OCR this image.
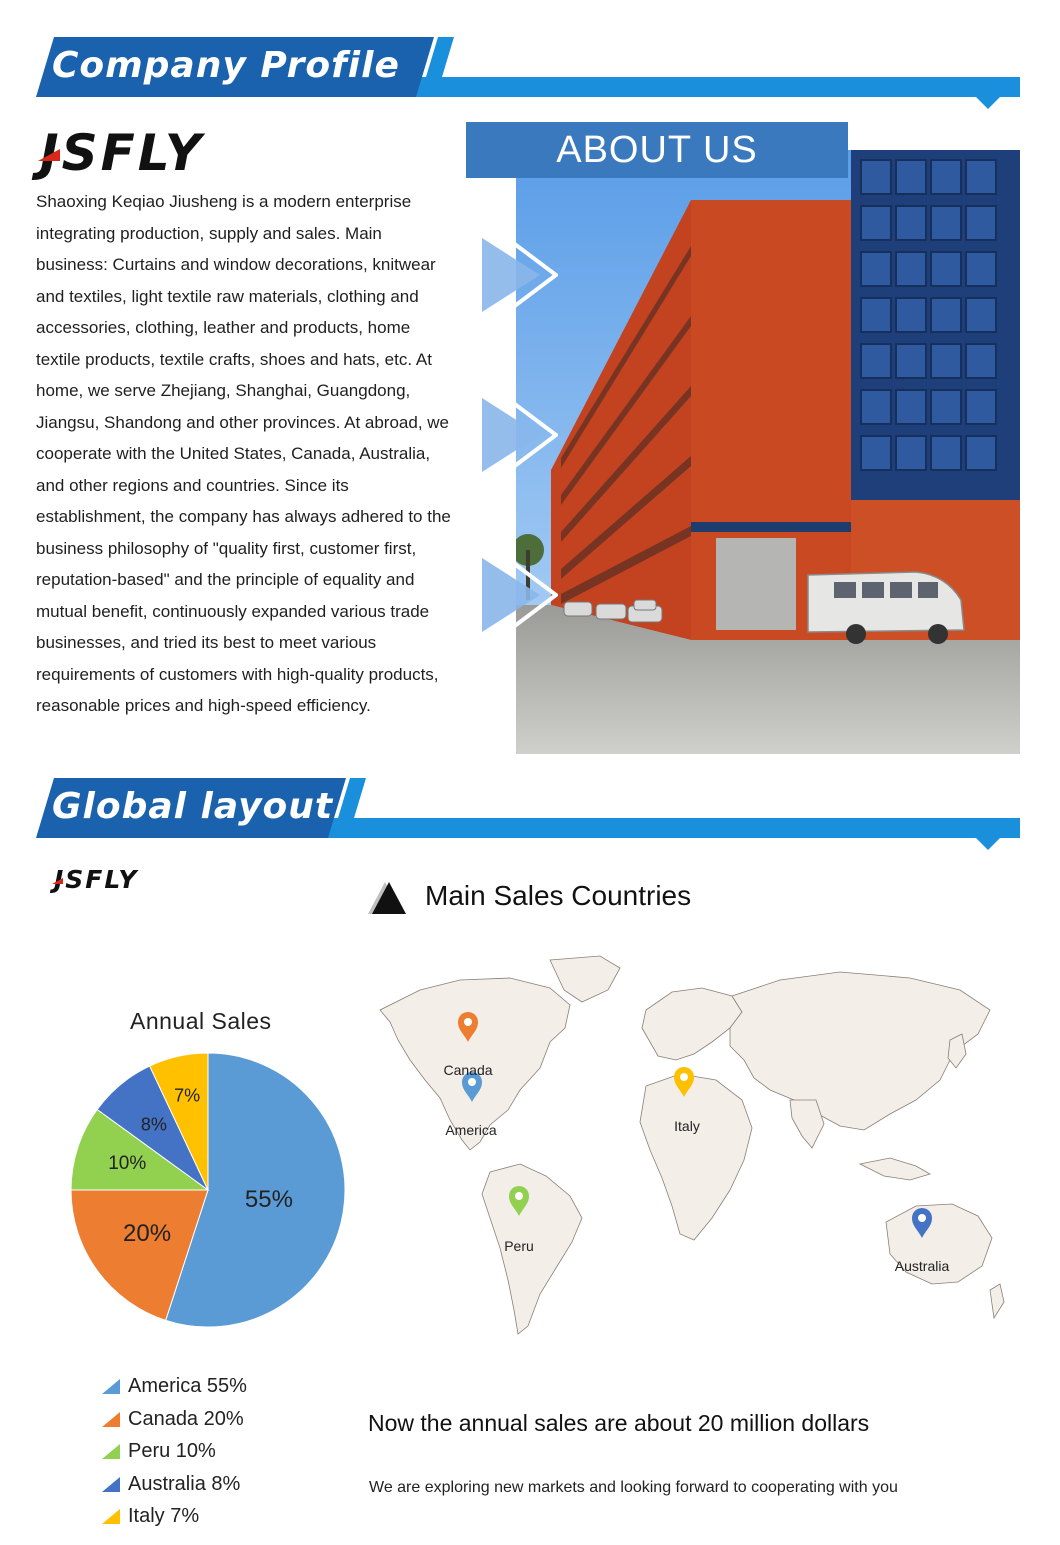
Company Profile
JSFLY

Shaoxing Keqiao Jiusheng is a modern enterprise integrating production, supply and sales. Main business: Curtains and window decorations, knitwear and textiles, light textile raw materials, clothing and accessories, clothing, leather and products, home textile products, textile crafts, shoes and hats, etc. At home, we serve Zhejiang, Shanghai, Guangdong, Jiangsu, Shandong and other provinces. At abroad, we cooperate with the United States, Canada, Australia, and other regions and countries. Since its establishment, the company has always adhered to the business philosophy of "quality first, customer first, reputation-based" and the principle of equality and mutual benefit, continuously expanded various trade businesses, and tried its best to meet various requirements of customers with high-quality products, reasonable prices and high-speed efficiency.

ABOUT US
Global layout
JSFLY
Main Sales Countries
Annual Sales
55%
20%
10%
8%
7%
America 55%
Canada 20%
Peru 10%
Australia 8%
Italy 7%
Canada
America	Italy
Peru
Australia
Now the annual sales are about 20 million dollars
We are exploring new markets and looking forward to cooperating with you
